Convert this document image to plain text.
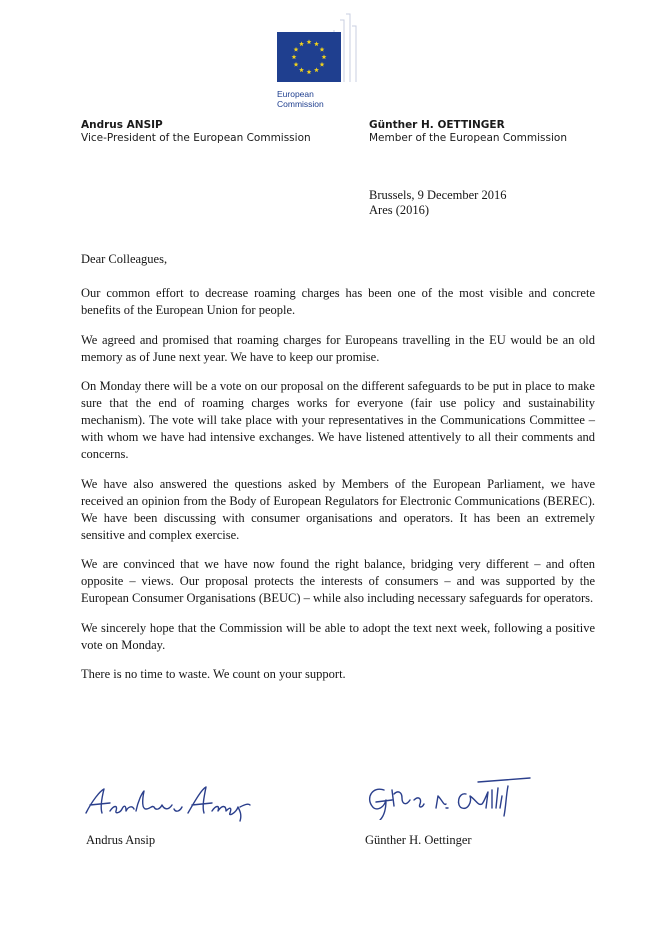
European
Commission
Andrus ANSIP
Vice-President of the European Commission
Günther H. OETTINGER
Member of the European Commission
Brussels, 9 December 2016
Ares (2016)
Dear Colleagues,

Our common effort to decrease roaming charges has been one of the most visible and concrete benefits of the European Union for people.

We agreed and promised that roaming charges for Europeans travelling in the EU would be an old memory as of June next year. We have to keep our promise.

On Monday there will be a vote on our proposal on the different safeguards to be put in place to make sure that the end of roaming charges works for everyone (fair use policy and sustainability mechanism). The vote will take place with your representatives in the Communications Committee – with whom we have had intensive exchanges. We have listened attentively to all their comments and concerns.

We have also answered the questions asked by Members of the European Parliament, we have received an opinion from the Body of European Regulators for Electronic Communications (BEREC). We have been discussing with consumer organisations and operators. It has been an extremely sensitive and complex exercise.

We are convinced that we have now found the right balance, bridging very different – and often opposite – views. Our proposal protects the interests of consumers – and was supported by the European Consumer Organisations (BEUC) – while also including necessary safeguards for operators.

We sincerely hope that the Commission will be able to adopt the text next week, following a positive vote on Monday.

There is no time to waste. We count on your support.

Andrus Ansip	Günther H. Oettinger
